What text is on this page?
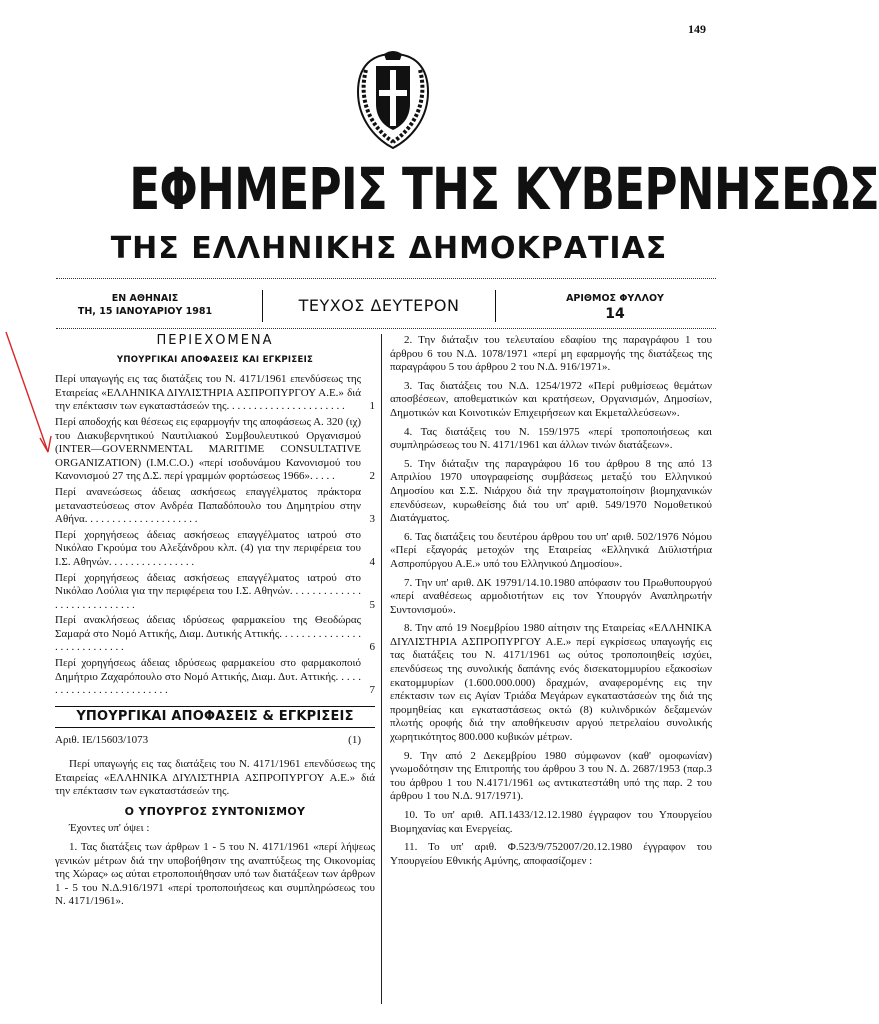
149
ΕΦΗΜΕΡΙΣ ΤΗΣ ΚΥΒΕΡΝΗΣΕΩΣ
ΤΗΣ ΕΛΛΗΝΙΚΗΣ ΔΗΜΟΚΡΑΤΙΑΣ
ΕΝ ΑΘΗΝΑΙΣ
ΤΗ, 15 ΙΑΝΟΥΑΡΙΟΥ 1981	ΤΕΥΧΟΣ ΔΕΥΤΕΡΟΝ	ΑΡΙΘΜΟΣ ΦΥΛΛΟΥ
14
ΠΕΡΙΕΧΟΜΕΝΑ
ΥΠΟΥΡΓΙΚΑΙ ΑΠΟΦΑΣΕΙΣ ΚΑΙ ΕΓΚΡΙΣΕΙΣ
Περί υπαγωγής εις τας διατάξεις του Ν. 4171/1961 επενδύσεως της Εταιρείας «ΕΛΛΗΝΙΚΑ ΔΙΥΛΙΣΤΗΡΙΑ ΑΣΠΡΟΠΥΡΓΟΥ Α.Ε.» διά την επέκτασιν των εγκαταστάσεών της. . . . . . . . . . . . . . . . . . . . . . 1
Περί αποδοχής και θέσεως εις εφαρμογήν της αποφάσεως Α. 320 (ιχ) του Διακυβερνητικού Ναυτιλιακού Συμβουλευτικού Οργανισμού (INTER—GOVERNMENTAL MARITIME CONSULTATIVE ORGANIZATION) (I.M.C.O.) «περί ισοδυνάμου Κανονισμού του Κανονισμού 27 της Δ.Σ. περί γραμμών φορτώσεως 1966». . . . .	2
Περί ανανεώσεως άδειας ασκήσεως επαγγέλματος πράκτορα μεταναστεύσεως στον Ανδρέα Παπαδόπουλο του Δημητρίου στην Αθήνα. . . . . . . . . . . . . . . . . . . . .	3
Περί χορηγήσεως άδειας ασκήσεως επαγγέλματος ιατρού στο Νικόλαο Γκρούμα του Αλεξάνδρου κλπ. (4) για την περιφέρεια του Ι.Σ. Αθηνών. . . . . . . . . . . . . . . .	4
Περί χορηγήσεως άδειας ασκήσεως επαγγέλματος ιατρού στο Νικόλαο Λούλια για την περιφέρεια του Ι.Σ. Αθηνών. . . . . . . . . . . . . . . . . . . . . . . . . . . .	5
Περί ανακλήσεως άδειας ιδρύσεως φαρμακείου της Θεοδώρας Σαμαρά στο Νομό Αττικής, Διαμ. Δυτικής Αττικής. . . . . . . . . . . . . . . . . . . . . . . . . . . .	6
Περί χορηγήσεως άδειας ιδρύσεως φαρμακείου στο φαρμακοποιό Δημήτριο Ζαχαρόπουλο στο Νομό Αττικής, Διαμ. Δυτ. Αττικής. . . . . . . . . . . . . . . . . . . . . . . . . .	7
ΥΠΟΥΡΓΙΚΑΙ ΑΠΟΦΑΣΕΙΣ & ΕΓΚΡΙΣΕΙΣ
Αριθ. ΙΕ/15603/1073	(1)

Περί υπαγωγής εις τας διατάξεις του Ν. 4171/1961 επενδύσεως της Εταιρείας «ΕΛΛΗΝΙΚΑ ΔΙΥΛΙΣΤΗΡΙΑ ΑΣΠΡΟΠΥΡΓΟΥ Α.Ε.» διά την επέκτασιν των εγκαταστάσεών της.

Ο ΥΠΟΥΡΓΟΣ ΣΥΝΤΟΝΙΣΜΟΥ

Έχοντες υπ' όψει :

1. Τας διατάξεις των άρθρων 1 - 5 του Ν. 4171/1961 «περί λήψεως γενικών μέτρων διά την υποβοήθησιν της αναπτύξεως της Οικονομίας της Χώρας» ως αύται ετροποποιήθησαν υπό των διατάξεων των άρθρων 1 - 5 του Ν.Δ.916/1971 «περί τροποποιήσεως και συμπληρώσεως του Ν. 4171/1961».

2. Την διάταξιν του τελευταίου εδαφίου της παραγράφου 1 του άρθρου 6 του Ν.Δ. 1078/1971 «περί μη εφαρμογής της διατάξεως της παραγράφου 5 του άρθρου 2 του Ν.Δ. 916/1971».

3. Τας διατάξεις του Ν.Δ. 1254/1972 «Περί ρυθμίσεως θεμάτων αποσβέσεων, αποθεματικών και κρατήσεων, Οργανισμών, Δημοσίων, Δημοτικών και Κοινοτικών Επιχειρήσεων και Εκμεταλλεύσεων».

4. Τας διατάξεις του Ν. 159/1975 «περί τροποποιήσεως και συμπληρώσεως του Ν. 4171/1961 και άλλων τινών διατάξεων».

5. Την διάταξιν της παραγράφου 16 του άρθρου 8 της από 13 Απριλίου 1970 υπογραφείσης συμβάσεως μεταξύ του Ελληνικού Δημοσίου και Σ.Σ. Νιάρχου διά την πραγματοποίησιν βιομηχανικών επενδύσεων, κυρωθείσης διά του υπ' αριθ. 549/1970 Νομοθετικού Διατάγματος.

6. Τας διατάξεις του δευτέρου άρθρου του υπ' αριθ. 502/1976 Νόμου «Περί εξαγοράς μετοχών της Εταιρείας «Ελληνικά Διϋλιστήρια Ασπροπύργου Α.Ε.» υπό του Ελληνικού Δημοσίου».

7. Την υπ' αριθ. ΔΚ 19791/14.10.1980 απόφασιν του Πρωθυπουργού «περί αναθέσεως αρμοδιοτήτων εις τον Υπουργόν Αναπληρωτήν Συντονισμού».

8. Την από 19 Νοεμβρίου 1980 αίτησιν της Εταιρείας «ΕΛΛΗΝΙΚΑ ΔΙΥΛΙΣΤΗΡΙΑ ΑΣΠΡΟΠΥΡΓΟΥ Α.Ε.» περί εγκρίσεως υπαγωγής εις τας διατάξεις του Ν. 4171/1961 ως ούτος τροποποιηθείς ισχύει, επενδύσεως της συνολικής δαπάνης ενός δισεκατομμυρίου εξακοσίων εκατομμυρίων (1.600.000.000) δραχμών, αναφερομένης εις την επέκτασιν των εις Αγίαν Τριάδα Μεγάρων εγκαταστάσεών της διά της προμηθείας και εγκαταστάσεως οκτώ (8) κυλινδρικών δεξαμενών πλωτής οροφής διά την αποθήκευσιν αργού πετρελαίου συνολικής χωρητικότητος 800.000 κυβικών μέτρων.

9. Την από 2 Δεκεμβρίου 1980 σύμφωνον (καθ' ομοφωνίαν) γνωμοδότησιν της Επιτροπής του άρθρου 3 του Ν. Δ. 2687/1953 (παρ.3 του άρθρου 1 του Ν.4171/1961 ως αντικατεστάθη υπό της παρ. 2 του άρθρου 1 του Ν.Δ. 917/1971).

10. Το υπ' αριθ. ΑΠ.1433/12.12.1980 έγγραφον του Υπουργείου Βιομηχανίας και Ενεργείας.

11. Το υπ' αριθ. Φ.523/9/752007/20.12.1980 έγγραφον του Υπουργείου Εθνικής Αμύνης, αποφασίζομεν :
